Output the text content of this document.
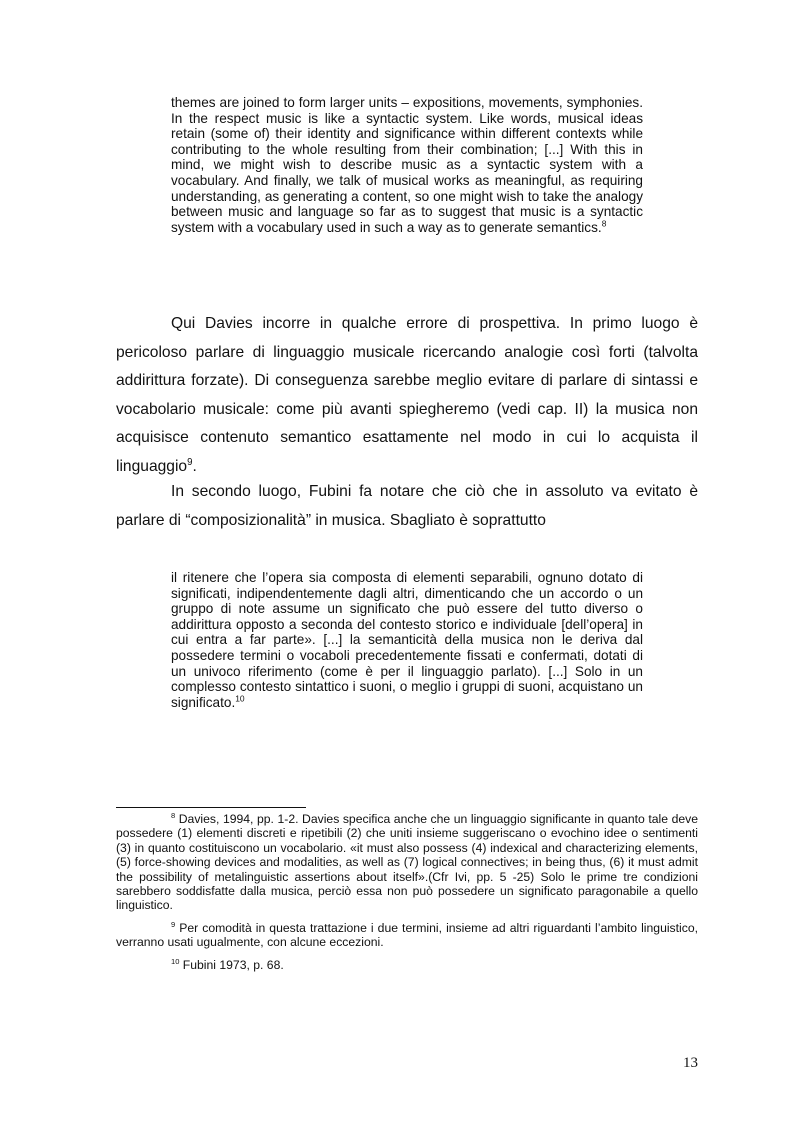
themes are joined to form larger units – expositions, movements, symphonies. In the respect music is like a syntactic system. Like words, musical ideas retain (some of) their identity and significance within different contexts while contributing to the whole resulting from their combination; [...] With this in mind, we might wish to describe music as a syntactic system with a vocabulary. And finally, we talk of musical works as meaningful, as requiring understanding, as generating a content, so one might wish to take the analogy between music and language so far as to suggest that music is a syntactic system with a vocabulary used in such a way as to generate semantics.$^8$

Qui Davies incorre in qualche errore di prospettiva. In primo luogo è pericoloso parlare di linguaggio musicale ricercando analogie così forti (talvolta addirittura forzate). Di conseguenza sarebbe meglio evitare di parlare di sintassi e vocabolario musicale: come più avanti spiegheremo (vedi cap. II) la musica non acquisisce contenuto semantico esattamente nel modo in cui lo acquista il linguaggio$^9$.

In secondo luogo, Fubini fa notare che ciò che in assoluto va evitato è parlare di “composizionalità” in musica. Sbagliato è soprattutto

il ritenere che l’opera sia composta di elementi separabili, ognuno dotato di significati, indipendentemente dagli altri, dimenticando che un accordo o un gruppo di note assume un significato che può essere del tutto diverso o addirittura opposto a seconda del contesto storico e individuale [dell’opera] in cui entra a far parte». [...] la semanticità della musica non le deriva dal possedere termini o vocaboli precedentemente fissati e confermati, dotati di un univoco riferimento (come è per il linguaggio parlato). [...] Solo in un complesso contesto sintattico i suoni, o meglio i gruppi di suoni, acquistano un significato.$^{10}$

$^8$ Davies, 1994, pp. 1-2. Davies specifica anche che un linguaggio significante in quanto tale deve possedere (1) elementi discreti e ripetibili (2) che uniti insieme suggeriscano o evochino idee o sentimenti (3) in quanto costituiscono un vocabolario. «it must also possess (4) indexical and characterizing elements, (5) force-showing devices and modalities, as well as (7) logical connectives; in being thus, (6) it must admit the possibility of metalinguistic assertions about itself».(Cfr Ivi, pp. 5 -25) Solo le prime tre condizioni sarebbero soddisfatte dalla musica, perciò essa non può possedere un significato paragonabile a quello linguistico.

$^9$ Per comodità in questa trattazione i due termini, insieme ad altri riguardanti l’ambito linguistico, verranno usati ugualmente, con alcune eccezioni.

$^{10}$ Fubini 1973, p. 68.

13
